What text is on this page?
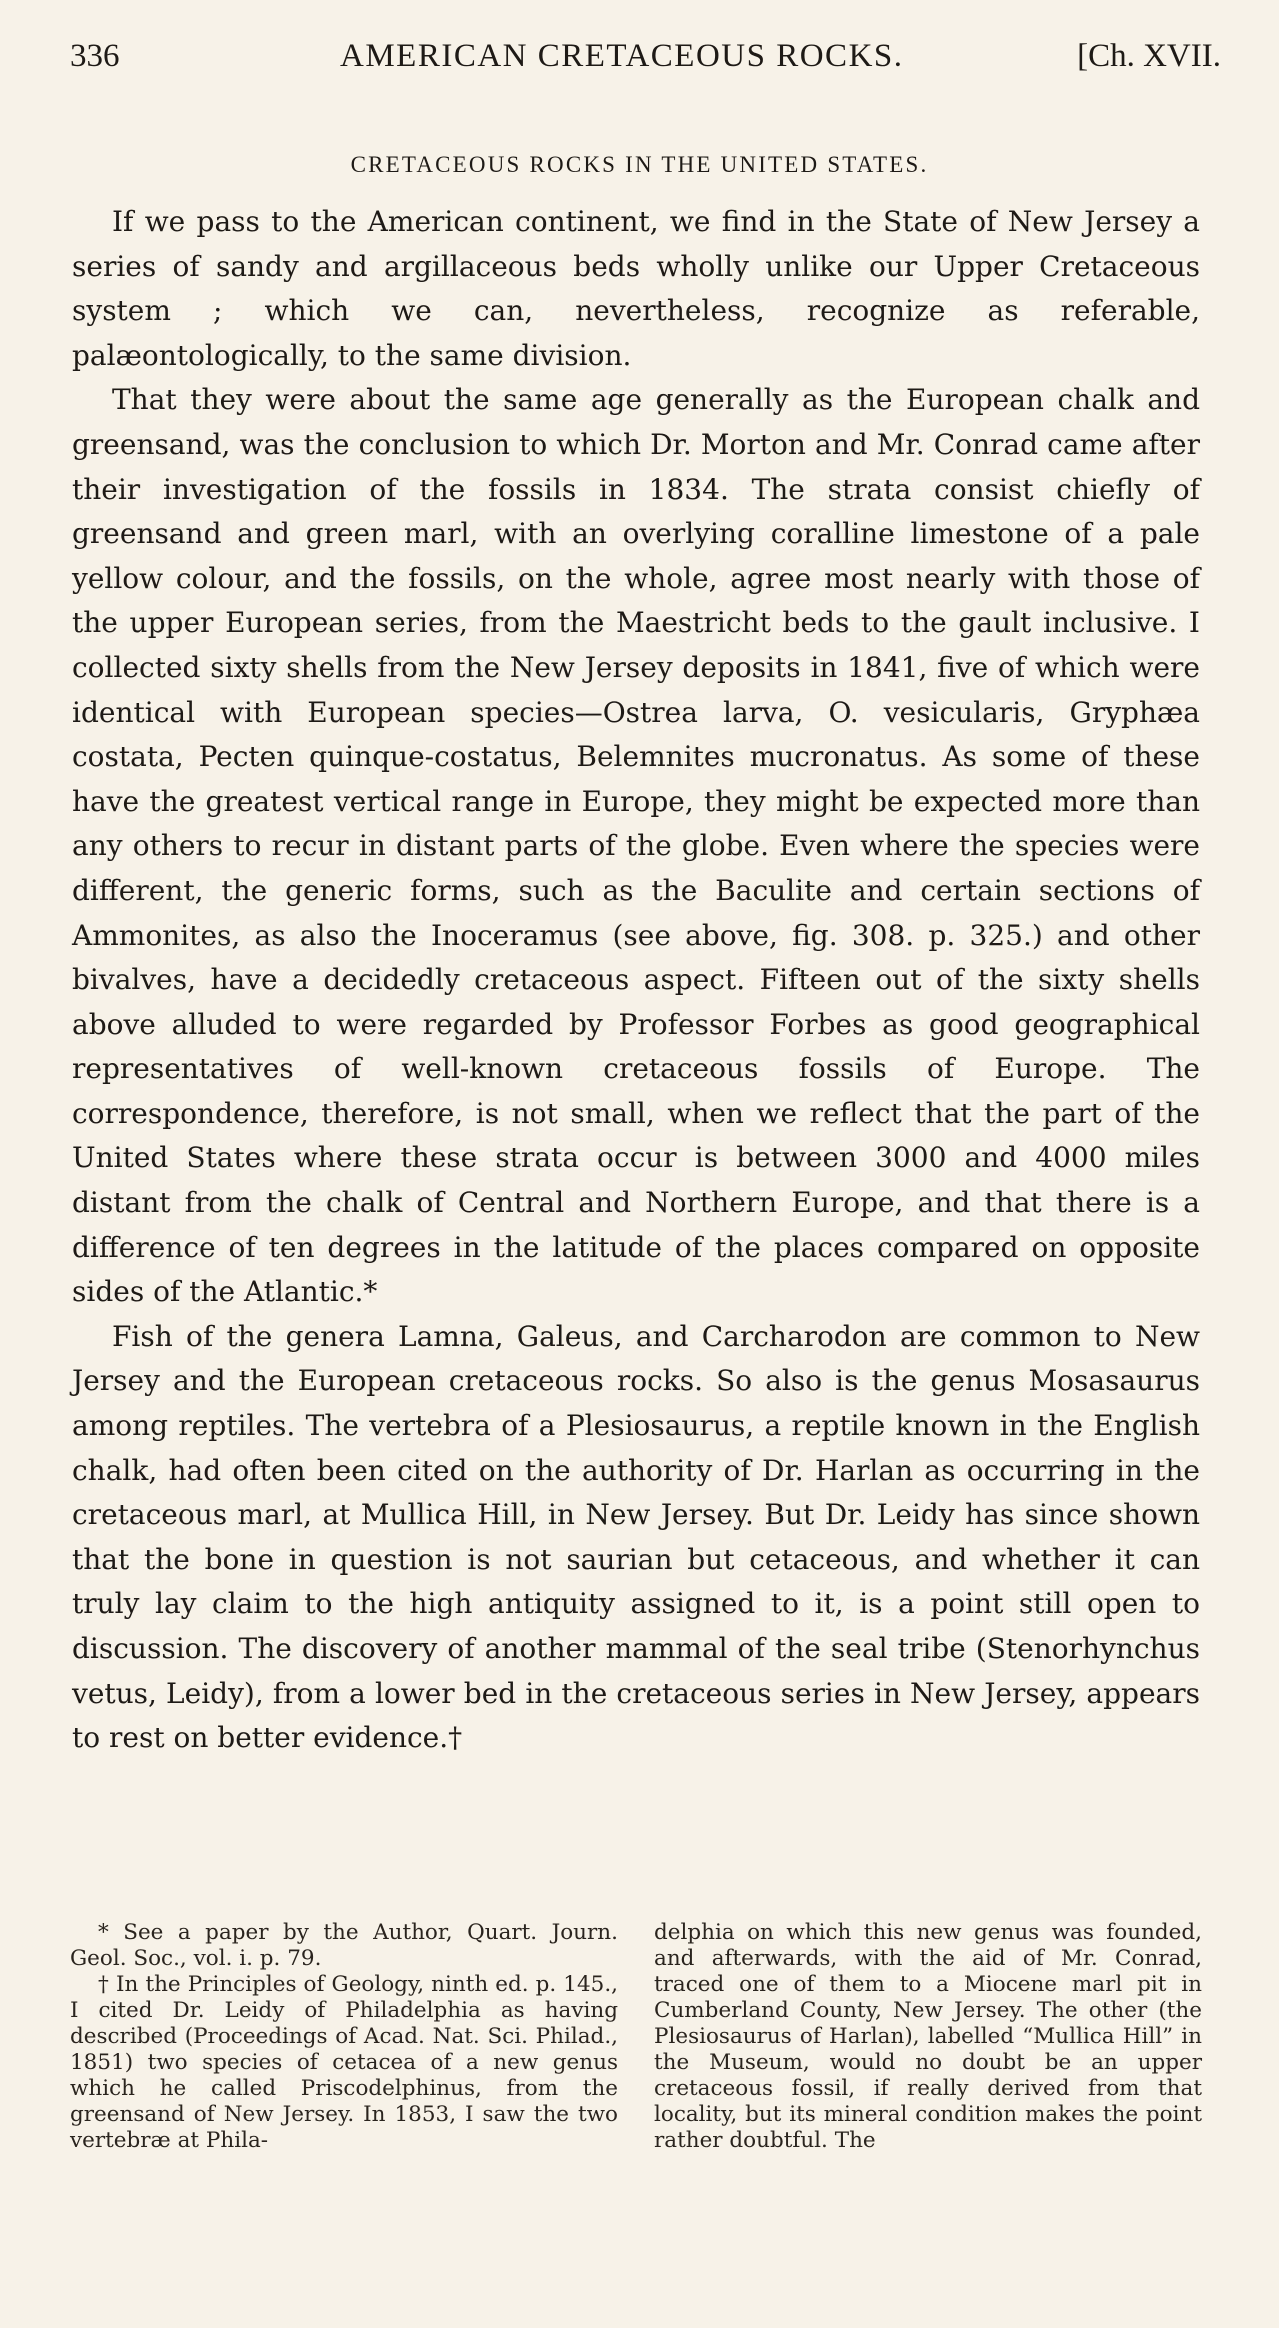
336	AMERICAN CRETACEOUS ROCKS.	[Ch. XVII.
CRETACEOUS ROCKS IN THE UNITED STATES.

If we pass to the American continent, we find in the State of New Jersey a series of sandy and argillaceous beds wholly unlike our Upper Cretaceous system ; which we can, nevertheless, recognize as referable, palæontologically, to the same division.

That they were about the same age generally as the European chalk and greensand, was the conclusion to which Dr. Morton and Mr. Conrad came after their investigation of the fossils in 1834. The strata consist chiefly of greensand and green marl, with an overlying coralline limestone of a pale yellow colour, and the fossils, on the whole, agree most nearly with those of the upper European series, from the Maestricht beds to the gault inclusive. I collected sixty shells from the New Jersey deposits in 1841, five of which were identical with European species—Ostrea larva, O. vesicularis, Gryphæa costata, Pecten quinque-costatus, Belemnites mucronatus. As some of these have the greatest vertical range in Europe, they might be expected more than any others to recur in distant parts of the globe. Even where the species were different, the generic forms, such as the Baculite and certain sections of Ammonites, as also the Inoceramus (see above, fig. 308. p. 325.) and other bivalves, have a decidedly cretaceous aspect. Fifteen out of the sixty shells above alluded to were regarded by Professor Forbes as good geographical representatives of well-known cretaceous fossils of Europe. The correspondence, therefore, is not small, when we reflect that the part of the United States where these strata occur is between 3000 and 4000 miles distant from the chalk of Central and Northern Europe, and that there is a difference of ten degrees in the latitude of the places compared on opposite sides of the Atlantic.*

Fish of the genera Lamna, Galeus, and Carcharodon are common to New Jersey and the European cretaceous rocks. So also is the genus Mosasaurus among reptiles. The vertebra of a Plesiosaurus, a reptile known in the English chalk, had often been cited on the authority of Dr. Harlan as occurring in the cretaceous marl, at Mullica Hill, in New Jersey. But Dr. Leidy has since shown that the bone in question is not saurian but cetaceous, and whether it can truly lay claim to the high antiquity assigned to it, is a point still open to discussion. The discovery of another mammal of the seal tribe (Stenorhynchus vetus, Leidy), from a lower bed in the cretaceous series in New Jersey, appears to rest on better evidence.†

* See a paper by the Author, Quart. Journ. Geol. Soc., vol. i. p. 79.

† In the Principles of Geology, ninth ed. p. 145., I cited Dr. Leidy of Philadelphia as having described (Proceedings of Acad. Nat. Sci. Philad., 1851) two species of cetacea of a new genus which he called Priscodelphinus, from the greensand of New Jersey. In 1853, I saw the two vertebræ at Phila-

delphia on which this new genus was founded, and afterwards, with the aid of Mr. Conrad, traced one of them to a Miocene marl pit in Cumberland County, New Jersey. The other (the Plesiosaurus of Harlan), labelled “Mullica Hill” in the Museum, would no doubt be an upper cretaceous fossil, if really derived from that locality, but its mineral condition makes the point rather doubtful. The
